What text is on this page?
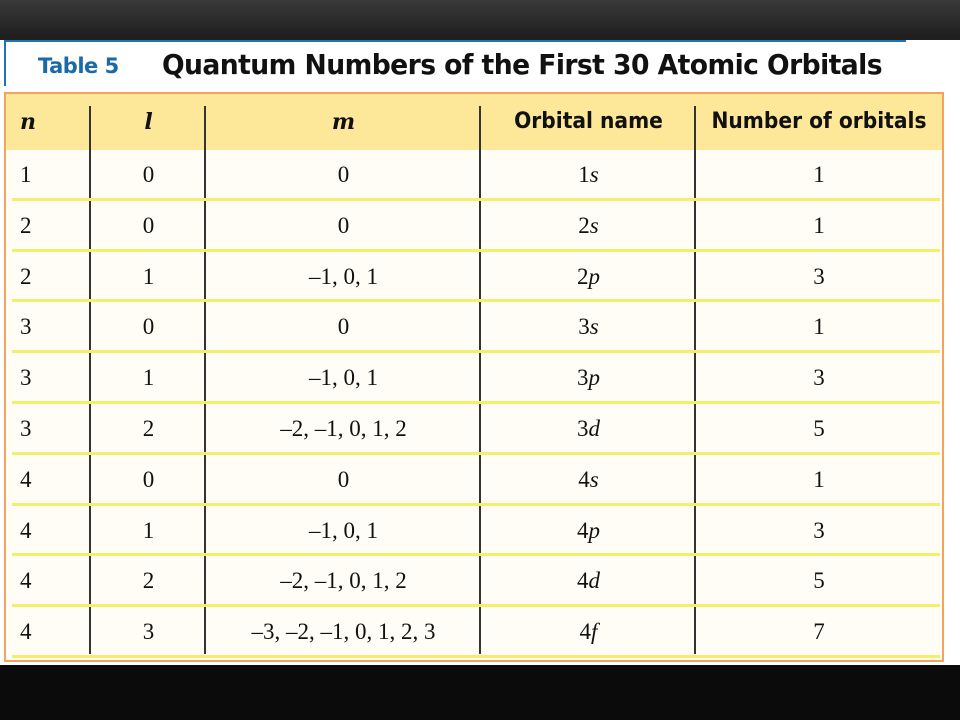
Table 5 Quantum Numbers of the First 30 Atomic Orbitals
n	l	m	Orbital name	Number of orbitals
1	0	0	1s	1
2	0	0	2s	1
2	1	–1, 0, 1	2p	3
3	0	0	3s	1
3	1	–1, 0, 1	3p	3
3	2	–2, –1, 0, 1, 2	3d	5
4	0	0	4s	1
4	1	–1, 0, 1	4p	3
4	2	–2, –1, 0, 1, 2	4d	5
4	3	–3, –2, –1, 0, 1, 2, 3	4f	7
